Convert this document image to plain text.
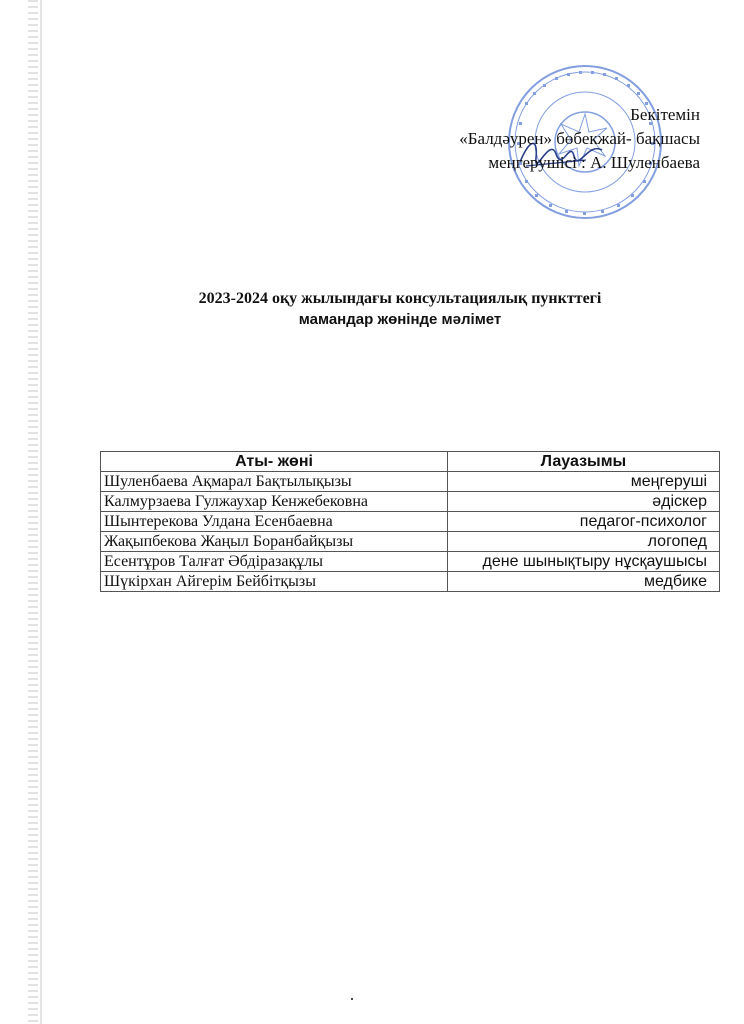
Бекітемін
«Балдәурен» бөбекжай- бақшасы
меңгерушісі : А. Шуленбаева
2023-2024 оқу жылындағы консультациялық пункттегі
мамандар жөнінде мәлімет
Аты- жөні	Лауазымы
Шуленбаева Ақмарал Бақтылықызы	меңгеруші
Калмурзаева Гулжаухар Кенжебековна	әдіскер
Шынтерекова Улдана Есенбаевна	педагог-психолог
Жақыпбекова Жаңыл Боранбайқызы	логопед
Есентұров Талғат Әбдіразақұлы	дене шынықтыру нұсқаушысы
Шүкірхан Айгерім Бейбітқызы	медбике
